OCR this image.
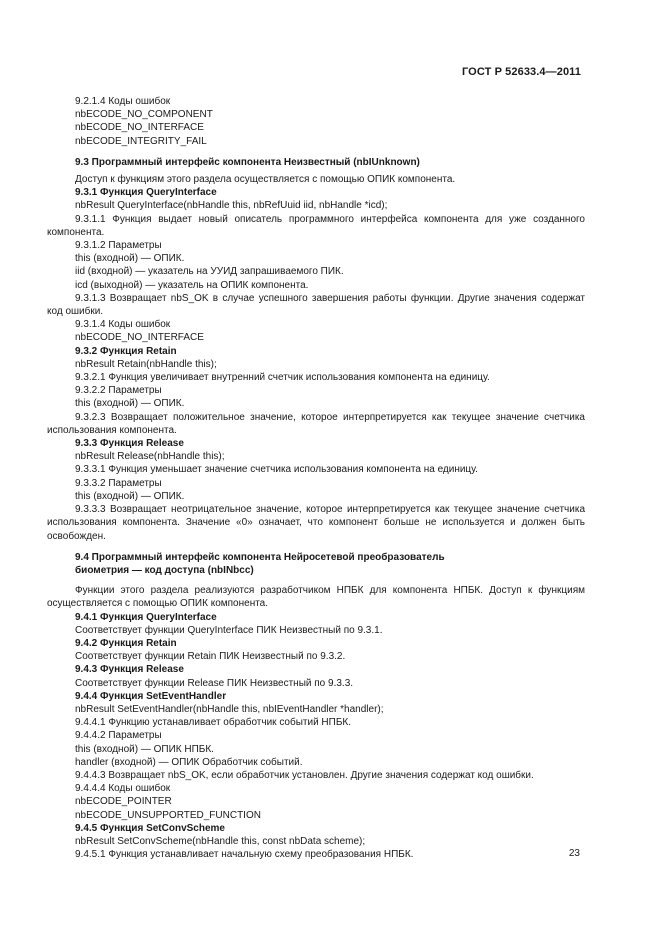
ГОСТ Р 52633.4—2011
9.2.1.4 Коды ошибок
nbECODE_NO_COMPONENT
nbECODE_NO_INTERFACE
nbECODE_INTEGRITY_FAIL
9.3 Программный интерфейс компонента Неизвестный (nbIUnknown)
Доступ к функциям этого раздела осуществляется с помощью ОПИК компонента.
9.3.1 Функция QueryInterface
nbResult QueryInterface(nbHandle this, nbRefUuid iid, nbHandle *icd);
9.3.1.1 Функция выдает новый описатель программного интерфейса компонента для уже созданного компонента.
9.3.1.2 Параметры
this (входной) — ОПИК.
iid (входной) — указатель на УУИД запрашиваемого ПИК.
icd (выходной) — указатель на ОПИК компонента.
9.3.1.3 Возвращает nbS_OK в случае успешного завершения работы функции. Другие значения содержат код ошибки.
9.3.1.4 Коды ошибок
nbECODE_NO_INTERFACE
9.3.2 Функция Retain
nbResult Retain(nbHandle this);
9.3.2.1 Функция увеличивает внутренний счетчик использования компонента на единицу.
9.3.2.2 Параметры
this (входной) — ОПИК.
9.3.2.3 Возвращает положительное значение, которое интерпретируется как текущее значение счетчика использования компонента.
9.3.3 Функция Release
nbResult Release(nbHandle this);
9.3.3.1 Функция уменьшает значение счетчика использования компонента на единицу.
9.3.3.2 Параметры
this (входной) — ОПИК.
9.3.3.3 Возвращает неотрицательное значение, которое интерпретируется как текущее значение счетчика использования компонента. Значение «0» означает, что компонент больше не используется и должен быть освобожден.
9.4 Программный интерфейс компонента Нейросетевой преобразователь
биометрия — код доступа (nbINbcc)
Функции этого раздела реализуются разработчиком НПБК для компонента НПБК. Доступ к функциям осуществляется с помощью ОПИК компонента.
9.4.1 Функция QueryInterface
Соответствует функции QueryInterface ПИК Неизвестный по 9.3.1.
9.4.2 Функция Retain
Соответствует функции Retain ПИК Неизвестный по 9.3.2.
9.4.3 Функция Release
Соответствует функции Release ПИК Неизвестный по 9.3.3.
9.4.4 Функция SetEventHandler
nbResult SetEventHandler(nbHandle this, nbIEventHandler *handler);
9.4.4.1 Функцию устанавливает обработчик событий НПБК.
9.4.4.2 Параметры
this (входной) — ОПИК НПБК.
handler (входной) — ОПИК Обработчик событий.
9.4.4.3 Возвращает nbS_OK, если обработчик установлен. Другие значения содержат код ошибки.
9.4.4.4 Коды ошибок
nbECODE_POINTER
nbECODE_UNSUPPORTED_FUNCTION
9.4.5 Функция SetConvScheme
nbResult SetConvScheme(nbHandle this, const nbData scheme);
9.4.5.1 Функция устанавливает начальную схему преобразования НПБК.	23
